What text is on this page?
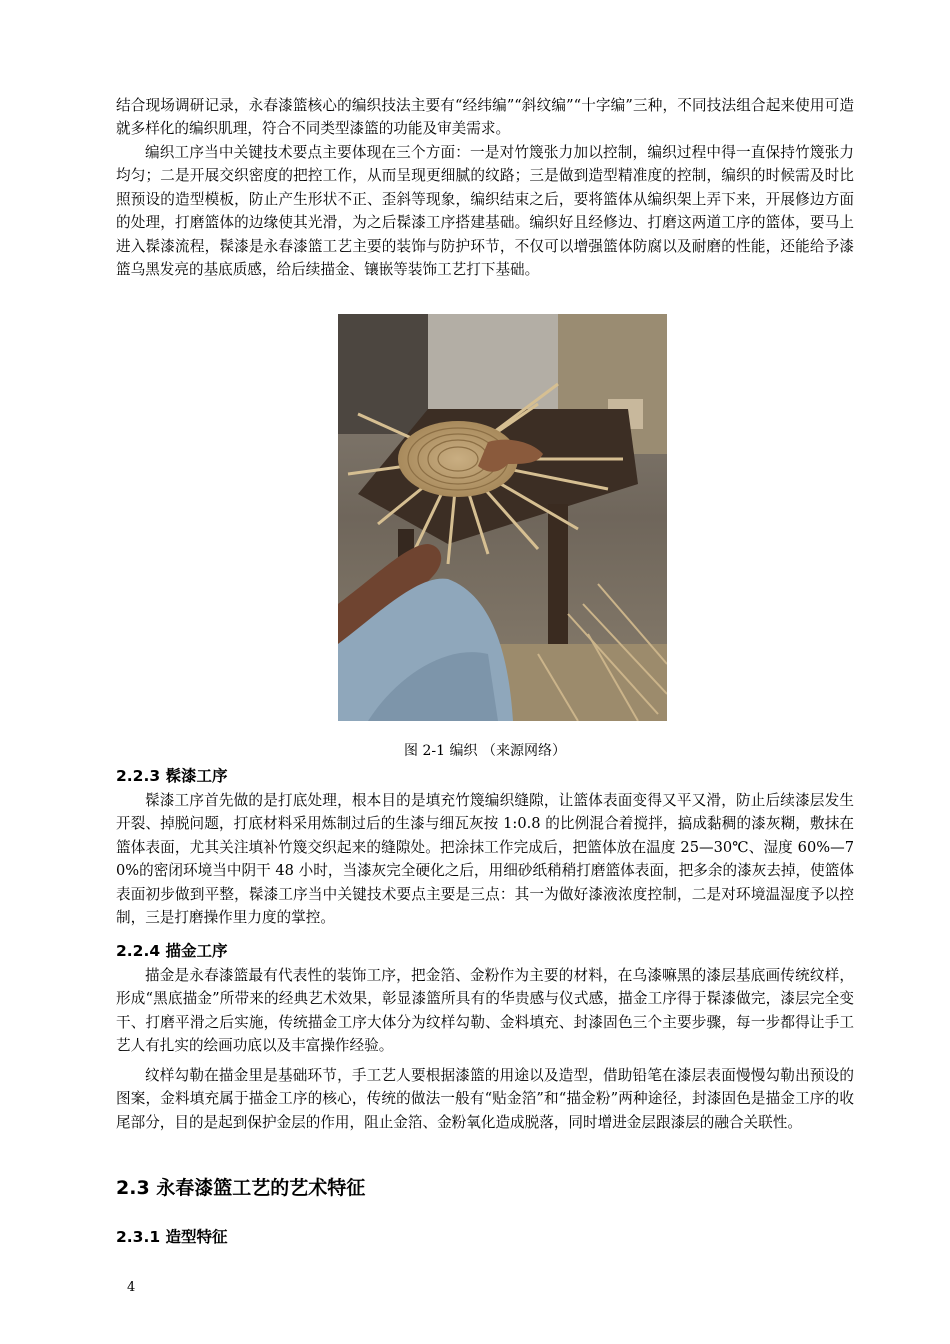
结合现场调研记录，永春漆篮核心的编织技法主要有“经纬编”“斜纹编”“十字编”三种，不同技法组合起来使用可造就多样化的编织肌理，符合不同类型漆篮的功能及审美需求。

编织工序当中关键技术要点主要体现在三个方面：一是对竹篾张力加以控制，编织过程中得一直保持竹篾张力均匀；二是开展交织密度的把控工作，从而呈现更细腻的纹路；三是做到造型精准度的控制，编织的时候需及时比照预设的造型模板，防止产生形状不正、歪斜等现象，编织结束之后，要将篮体从编织架上弄下来，开展修边方面的处理，打磨篮体的边缘使其光滑，为之后髹漆工序搭建基础。编织好且经修边、打磨这两道工序的篮体，要马上进入髹漆流程，髹漆是永春漆篮工艺主要的装饰与防护环节，不仅可以增强篮体防腐以及耐磨的性能，还能给予漆篮乌黑发亮的基底质感，给后续描金、镶嵌等装饰工艺打下基础。

图 2-1 编织 （来源网络）
2.2.3 髹漆工序

髹漆工序首先做的是打底处理，根本目的是填充竹篾编织缝隙，让篮体表面变得又平又滑，防止后续漆层发生开裂、掉脱问题，打底材料采用炼制过后的生漆与细瓦灰按 1:0.8 的比例混合着搅拌，搞成黏稠的漆灰糊，敷抹在篮体表面，尤其关注填补竹篾交织起来的缝隙处。把涂抹工作完成后，把篮体放在温度 25—30℃、湿度 60%—70%的密闭环境当中阴干 48 小时，当漆灰完全硬化之后，用细砂纸稍稍打磨篮体表面，把多余的漆灰去掉，使篮体表面初步做到平整，髹漆工序当中关键技术要点主要是三点：其一为做好漆液浓度控制，二是对环境温湿度予以控制，三是打磨操作里力度的掌控。

2.2.4 描金工序

描金是永春漆篮最有代表性的装饰工序，把金箔、金粉作为主要的材料，在乌漆嘛黑的漆层基底画传统纹样，形成“黑底描金”所带来的经典艺术效果，彰显漆篮所具有的华贵感与仪式感，描金工序得于髹漆做完，漆层完全变干、打磨平滑之后实施，传统描金工序大体分为纹样勾勒、金料填充、封漆固色三个主要步骤，每一步都得让手工艺人有扎实的绘画功底以及丰富操作经验。

纹样勾勒在描金里是基础环节，手工艺人要根据漆篮的用途以及造型，借助铅笔在漆层表面慢慢勾勒出预设的图案，金料填充属于描金工序的核心，传统的做法一般有“贴金箔”和“描金粉”两种途径，封漆固色是描金工序的收尾部分，目的是起到保护金层的作用，阻止金箔、金粉氧化造成脱落，同时增进金层跟漆层的融合关联性。

2.3 永春漆篮工艺的艺术特征
2.3.1 造型特征
4
